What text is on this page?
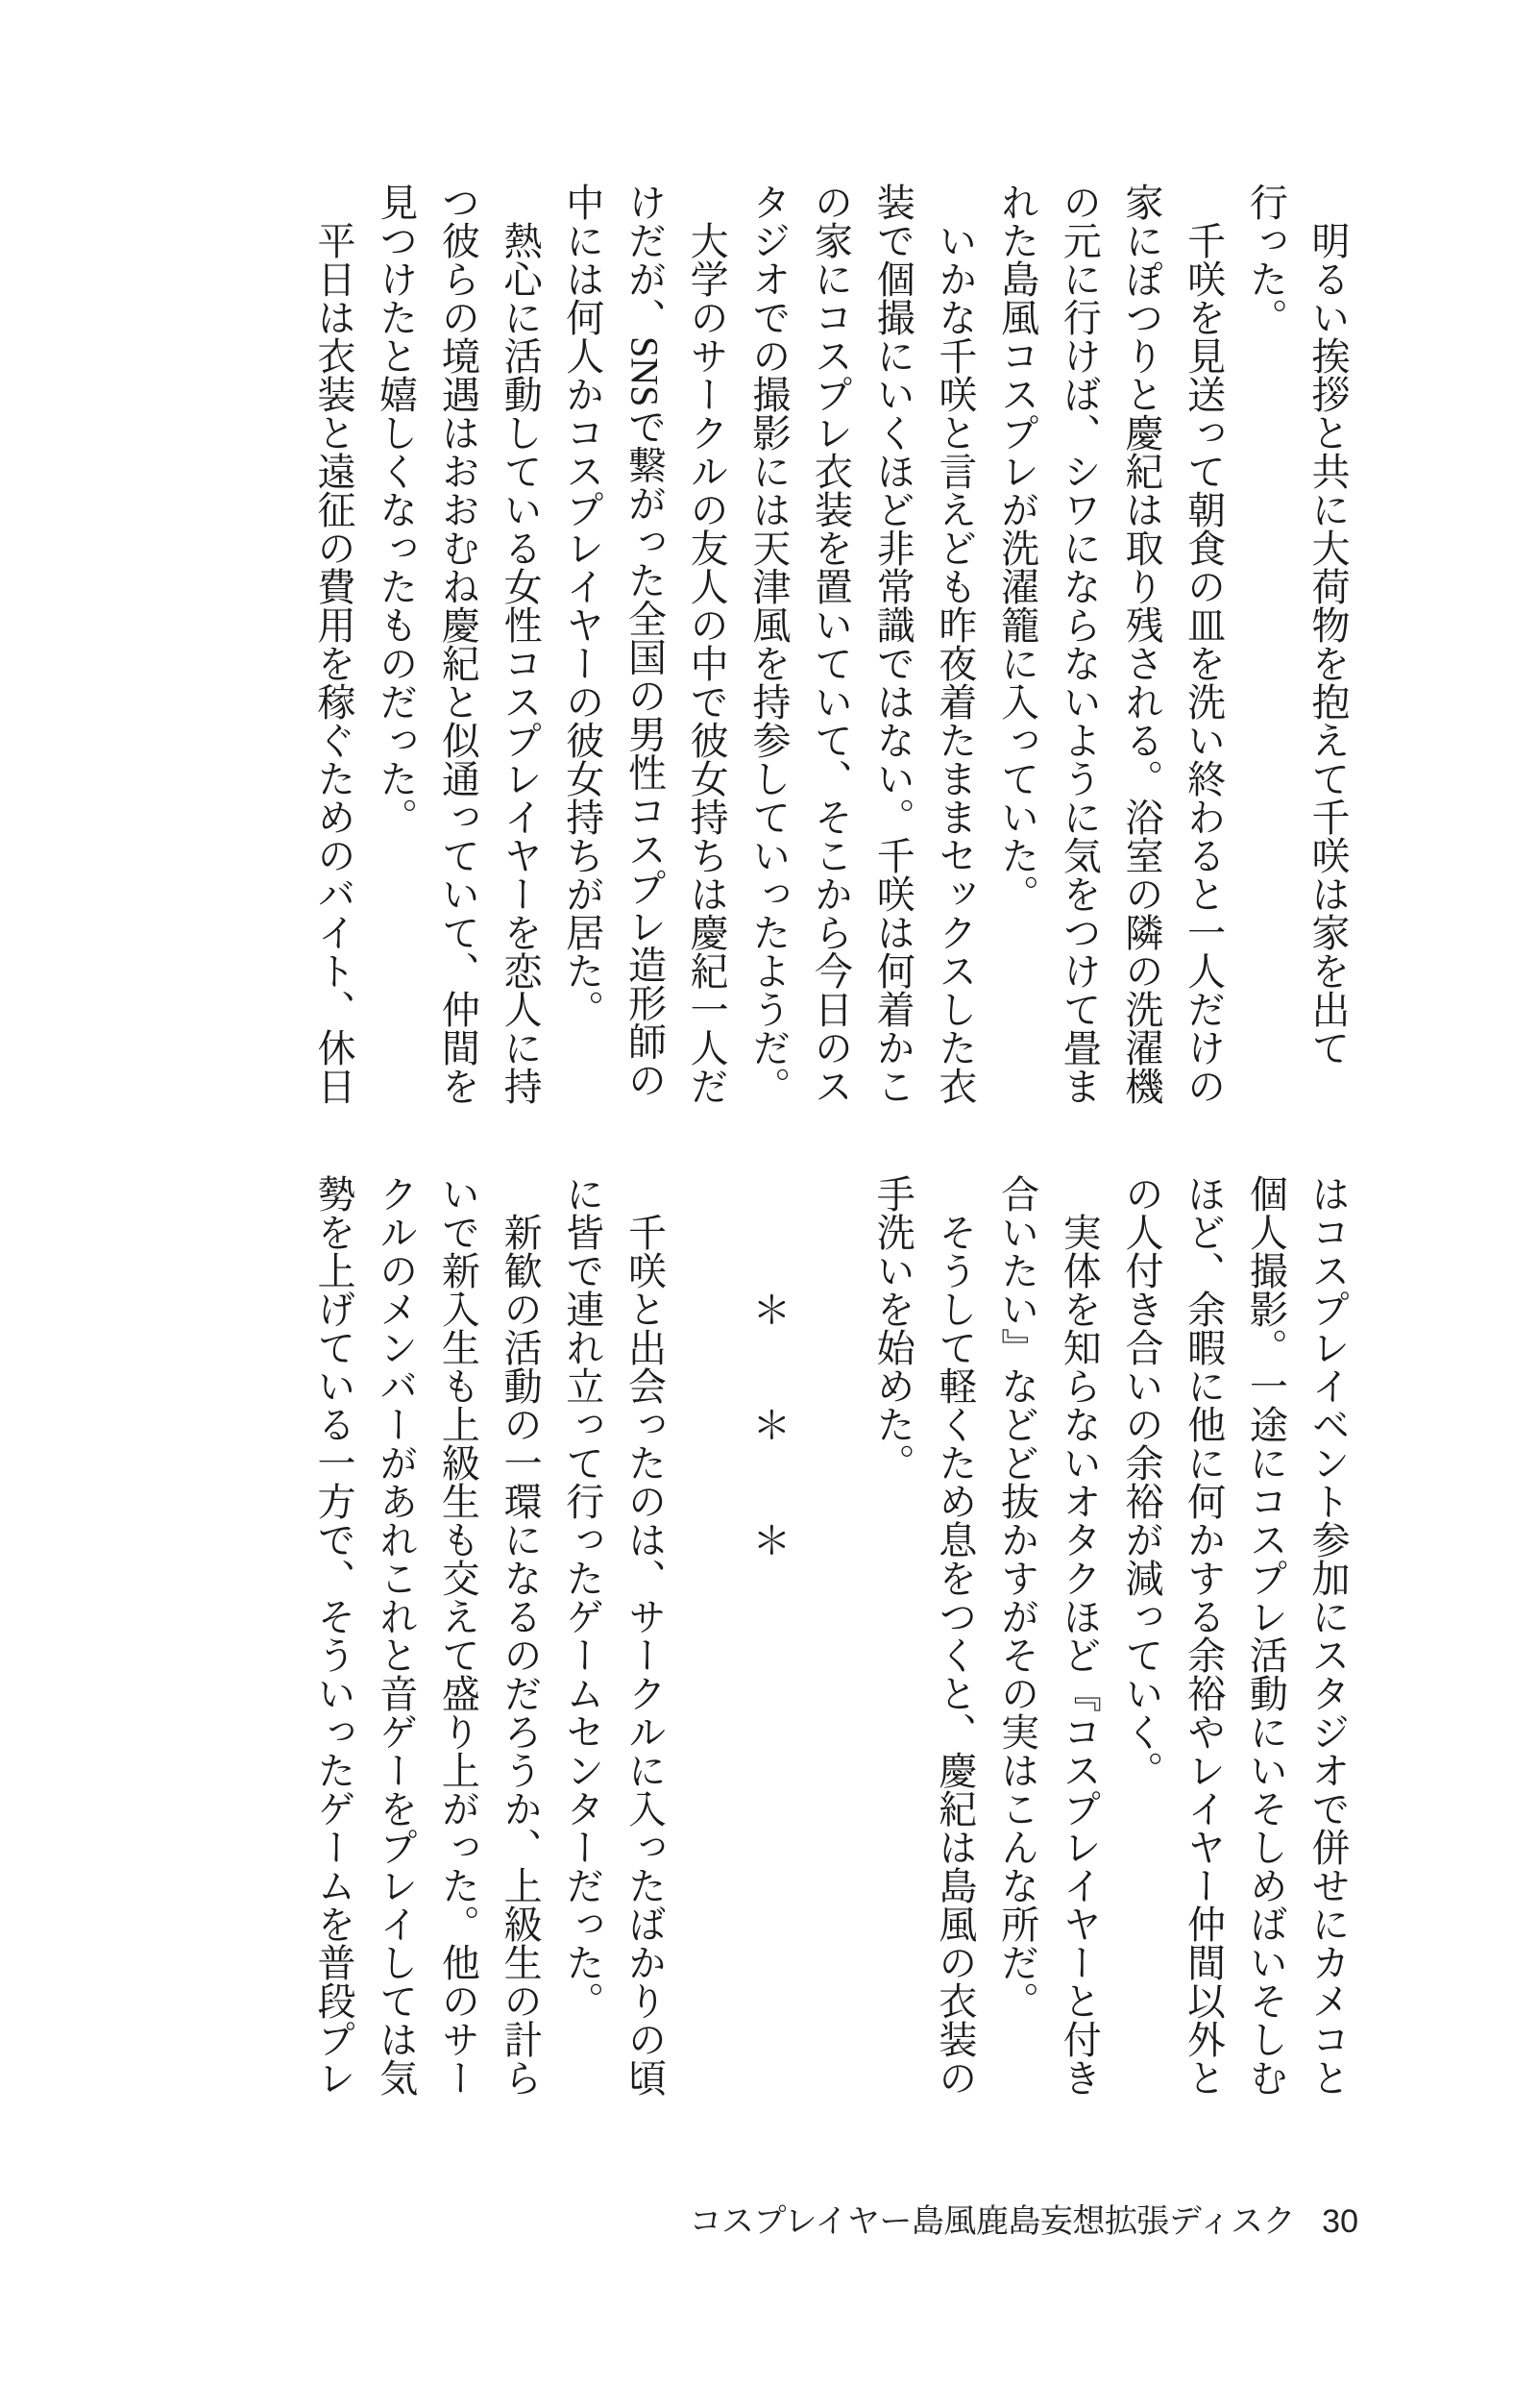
　明るい挨拶と共に大荷物を抱えて千咲は家を出て
行った。
　千咲を見送って朝食の皿を洗い終わると一人だけの
家にぽつりと慶紀は取り残される。浴室の隣の洗濯機
の元に行けば、シワにならないように気をつけて畳ま
れた島風コスプレが洗濯籠に入っていた。
　いかな千咲と言えども昨夜着たままセックスした衣
装で個撮にいくほど非常識ではない。千咲は何着かこ
の家にコスプレ衣装を置いていて、そこから今日のス
タジオでの撮影には天津風を持参していったようだ。
　大学のサークルの友人の中で彼女持ちは慶紀一人だ
けだが、SNSで繋がった全国の男性コスプレ造形師の
中には何人かコスプレイヤーの彼女持ちが居た。
　熱心に活動している女性コスプレイヤーを恋人に持
つ彼らの境遇はおおむね慶紀と似通っていて、仲間を
見つけたと嬉しくなったものだった。
　平日は衣装と遠征の費用を稼ぐためのバイト、休日
はコスプレイベント参加にスタジオで併せにカメコと
個人撮影。一途にコスプレ活動にいそしめばいそしむ
ほど、余暇に他に何かする余裕やレイヤー仲間以外と
の人付き合いの余裕が減っていく。
　実体を知らないオタクほど『コスプレイヤーと付き
合いたい』などど抜かすがその実はこんな所だ。
　そうして軽くため息をつくと、慶紀は島風の衣装の
手洗いを始めた。
　　　＊　　＊　　＊
　千咲と出会ったのは、サークルに入ったばかりの頃
に皆で連れ立って行ったゲームセンターだった。
　新歓の活動の一環になるのだろうか、上級生の計ら
いで新入生も上級生も交えて盛り上がった。他のサー
クルのメンバーがあれこれと音ゲーをプレイしては気
勢を上げている一方で、そういったゲームを普段プレ
コスプレイヤー島風鹿島妄想拡張ディスク 30
